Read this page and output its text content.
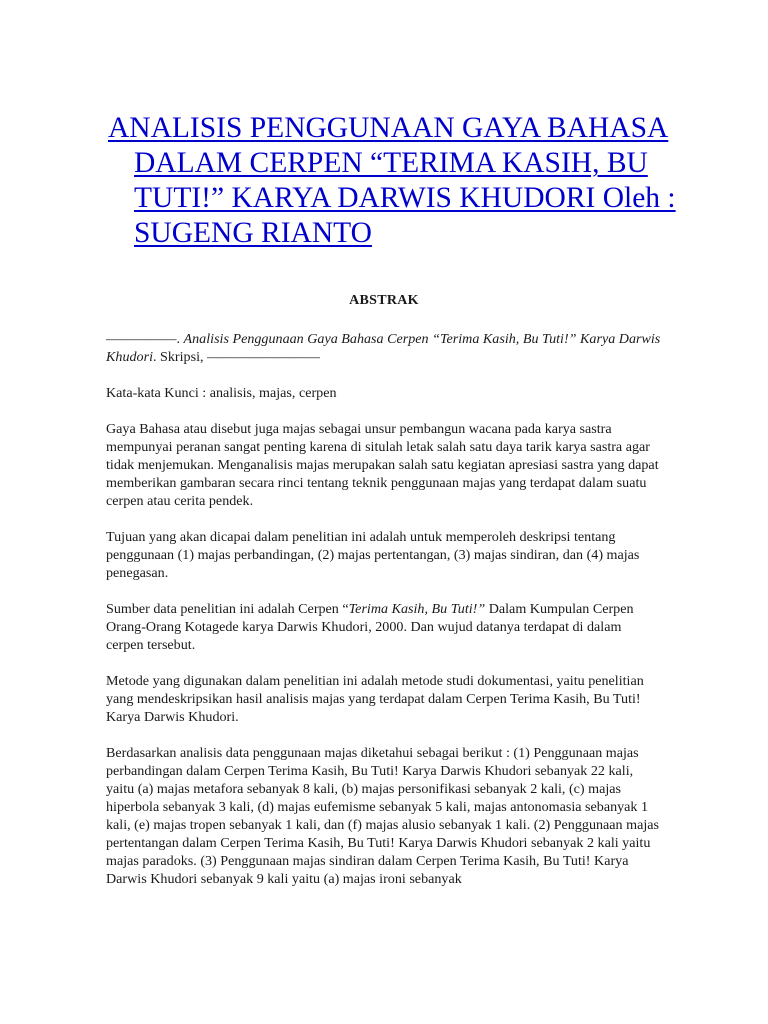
ANALISIS PENGGUNAAN GAYA BAHASA DALAM CERPEN “TERIMA KASIH, BU TUTI!” KARYA DARWIS KHUDORI Oleh : SUGENG RIANTO
ABSTRAK

—————. Analisis Penggunaan Gaya Bahasa Cerpen “Terima Kasih, Bu Tuti!” Karya Darwis Khudori. Skripsi, ————————

Kata-kata Kunci : analisis, majas, cerpen

Gaya Bahasa atau disebut juga majas sebagai unsur pembangun wacana pada karya sastra mempunyai peranan sangat penting karena di situlah letak salah satu daya tarik karya sastra agar tidak menjemukan. Menganalisis majas merupakan salah satu kegiatan apresiasi sastra yang dapat memberikan gambaran secara rinci tentang teknik penggunaan majas yang terdapat dalam suatu cerpen atau cerita pendek.

Tujuan yang akan dicapai dalam penelitian ini adalah untuk memperoleh deskripsi tentang penggunaan (1) majas perbandingan, (2) majas pertentangan, (3) majas sindiran, dan (4) majas penegasan.

Sumber data penelitian ini adalah Cerpen “Terima Kasih, Bu Tuti!” Dalam Kumpulan Cerpen Orang-Orang Kotagede karya Darwis Khudori, 2000. Dan wujud datanya terdapat di dalam cerpen tersebut.

Metode yang digunakan dalam penelitian ini adalah metode studi dokumentasi, yaitu penelitian yang mendeskripsikan hasil analisis majas yang terdapat dalam Cerpen Terima Kasih, Bu Tuti! Karya Darwis Khudori.

Berdasarkan analisis data penggunaan majas diketahui sebagai berikut : (1) Penggunaan majas perbandingan dalam Cerpen Terima Kasih, Bu Tuti! Karya Darwis Khudori sebanyak 22 kali, yaitu (a) majas metafora sebanyak 8 kali, (b) majas personifikasi sebanyak 2 kali, (c) majas hiperbola sebanyak 3 kali, (d) majas eufemisme sebanyak 5 kali, majas antonomasia sebanyak 1 kali, (e) majas tropen sebanyak 1 kali, dan (f) majas alusio sebanyak 1 kali. (2) Penggunaan majas pertentangan dalam Cerpen Terima Kasih, Bu Tuti! Karya Darwis Khudori sebanyak 2 kali yaitu majas paradoks. (3) Penggunaan majas sindiran dalam Cerpen Terima Kasih, Bu Tuti! Karya Darwis Khudori sebanyak 9 kali yaitu (a) majas ironi sebanyak
